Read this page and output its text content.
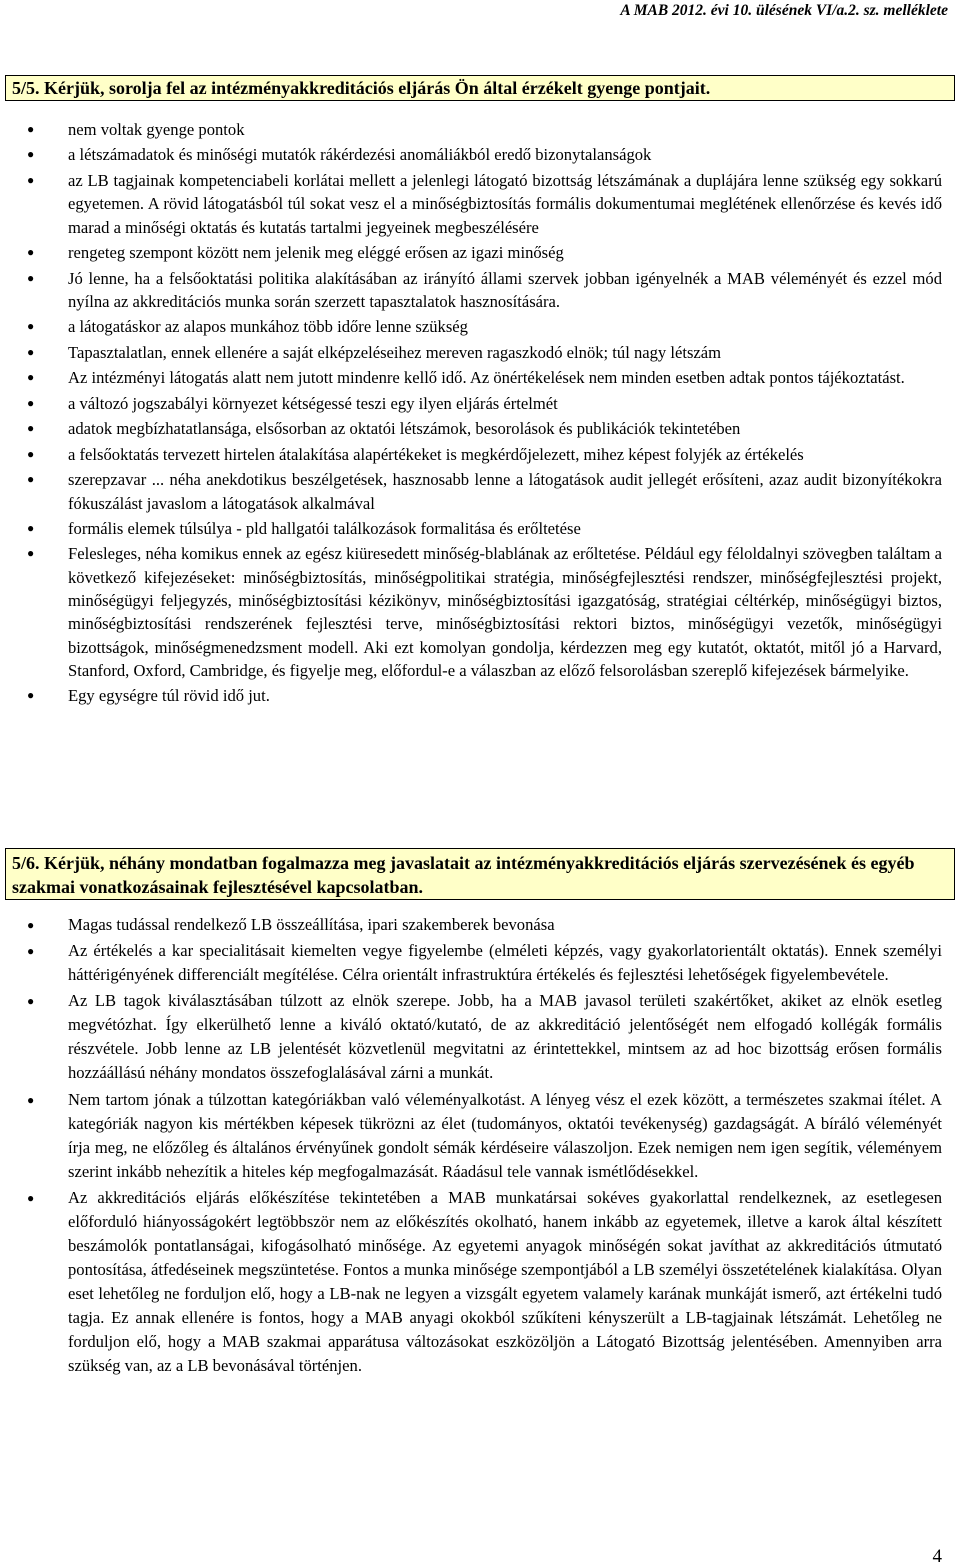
A MAB 2012. évi 10. ülésének VI/a.2. sz. melléklete
5/5. Kérjük, sorolja fel az intézményakkreditációs eljárás Ön által érzékelt gyenge pontjait.
● nem voltak gyenge pontok
● a létszámadatok és minőségi mutatók rákérdezési anomáliákból eredő bizonytalanságok
● az LB tagjainak kompetenciabeli korlátai mellett a jelenlegi látogató bizottság létszámának a duplájára lenne szükség egy sokkarú egyetemen. A rövid látogatásból túl sokat vesz el a minőségbiztosítás formális dokumentumai meglétének ellenőrzése és kevés idő marad a minőségi oktatás és kutatás tartalmi jegyeinek megbeszélésére
● rengeteg szempont között nem jelenik meg eléggé erősen az igazi minőség
● Jó lenne, ha a felsőoktatási politika alakításában az irányító állami szervek jobban igényelnék a MAB véleményét és ezzel mód nyílna az akkreditációs munka során szerzett tapasztalatok hasznosítására.
● a látogatáskor az alapos munkához több időre lenne szükség
● Tapasztalatlan, ennek ellenére a saját elképzeléseihez mereven ragaszkodó elnök; túl nagy létszám
● Az intézményi látogatás alatt nem jutott mindenre kellő idő. Az önértékelések nem minden esetben adtak pontos tájékoztatást.
● a változó jogszabályi környezet kétségessé teszi egy ilyen eljárás értelmét
● adatok megbízhatatlansága, elsősorban az oktatói létszámok, besorolások és publikációk tekintetében
● a felsőoktatás tervezett hirtelen átalakítása alapértékeket is megkérdőjelezett, mihez képest folyjék az értékelés
● szerepzavar ... néha anekdotikus beszélgetések, hasznosabb lenne a látogatások audit jellegét erősíteni, azaz audit bizonyítékokra fókuszálást javaslom a látogatások alkalmával
● formális elemek túlsúlya - pld hallgatói találkozások formalitása és erőltetése
● Felesleges, néha komikus ennek az egész kiüresedett minőség-blablának az erőltetése. Például egy féloldalnyi szövegben találtam a következő kifejezéseket: minőségbiztosítás, minőségpolitikai stratégia, minőségfejlesztési rendszer, minőségfejlesztési projekt, minőségügyi feljegyzés, minőségbiztosítási kézikönyv, minőségbiztosítási igazgatóság, stratégiai céltérkép, minőségügyi biztos, minőségbiztosítási rendszerének fejlesztési terve, minőségbiztosítási rektori biztos, minőségügyi vezetők, minőségügyi bizottságok, minőségmenedzsment modell. Aki ezt komolyan gondolja, kérdezzen meg egy kutatót, oktatót, mitől jó a Harvard, Stanford, Oxford, Cambridge, és figyelje meg, előfordul-e a válaszban az előző felsorolásban szereplő kifejezések bármelyike.
● Egy egységre túl rövid idő jut.
5/6. Kérjük, néhány mondatban fogalmazza meg javaslatait az intézményakkreditációs eljárás szervezésének és egyéb szakmai vonatkozásainak fejlesztésével kapcsolatban.
● Magas tudással rendelkező LB összeállítása, ipari szakemberek bevonása
● Az értékelés a kar specialitásait kiemelten vegye figyelembe (elméleti képzés, vagy gyakorlatorientált oktatás). Ennek személyi háttérigényének differenciált megítélése. Célra orientált infrastruktúra értékelés és fejlesztési lehetőségek figyelembevétele.
● Az LB tagok kiválasztásában túlzott az elnök szerepe. Jobb, ha a MAB javasol területi szakértőket, akiket az elnök esetleg megvétózhat. Így elkerülhető lenne a kiváló oktató/kutató, de az akkreditáció jelentőségét nem elfogadó kollégák formális részvétele. Jobb lenne az LB jelentését közvetlenül megvitatni az érintettekkel, mintsem az ad hoc bizottság erősen formális hozzáállású néhány mondatos összefoglalásával zárni a munkát.
● Nem tartom jónak a túlzottan kategóriákban való véleményalkotást. A lényeg vész el ezek között, a természetes szakmai ítélet. A kategóriák nagyon kis mértékben képesek tükrözni az élet (tudományos, oktatói tevékenység) gazdagságát. A bíráló véleményét írja meg, ne előzőleg és általános érvényűnek gondolt sémák kérdéseire válaszoljon. Ezek nemigen nem igen segítik, véleményem szerint inkább nehezítik a hiteles kép megfogalmazását. Ráadásul tele vannak ismétlődésekkel.
● Az akkreditációs eljárás előkészítése tekintetében a MAB munkatársai sokéves gyakorlattal rendelkeznek, az esetlegesen előforduló hiányosságokért legtöbbször nem az előkészítés okolható, hanem inkább az egyetemek, illetve a karok által készített beszámolók pontatlanságai, kifogásolható minősége. Az egyetemi anyagok minőségén sokat javíthat az akkreditációs útmutató pontosítása, átfedéseinek megszüntetése. Fontos a munka minősége szempontjából a LB személyi összetételének kialakítása. Olyan eset lehetőleg ne forduljon elő, hogy a LB-nak ne legyen a vizsgált egyetem valamely karának munkáját ismerő, azt értékelni tudó tagja. Ez annak ellenére is fontos, hogy a MAB anyagi okokból szűkíteni kényszerült a LB-tagjainak létszámát. Lehetőleg ne forduljon elő, hogy a MAB szakmai apparátusa változásokat eszközöljön a Látogató Bizottság jelentésében. Amennyiben arra szükség van, az a LB bevonásával történjen.
4
